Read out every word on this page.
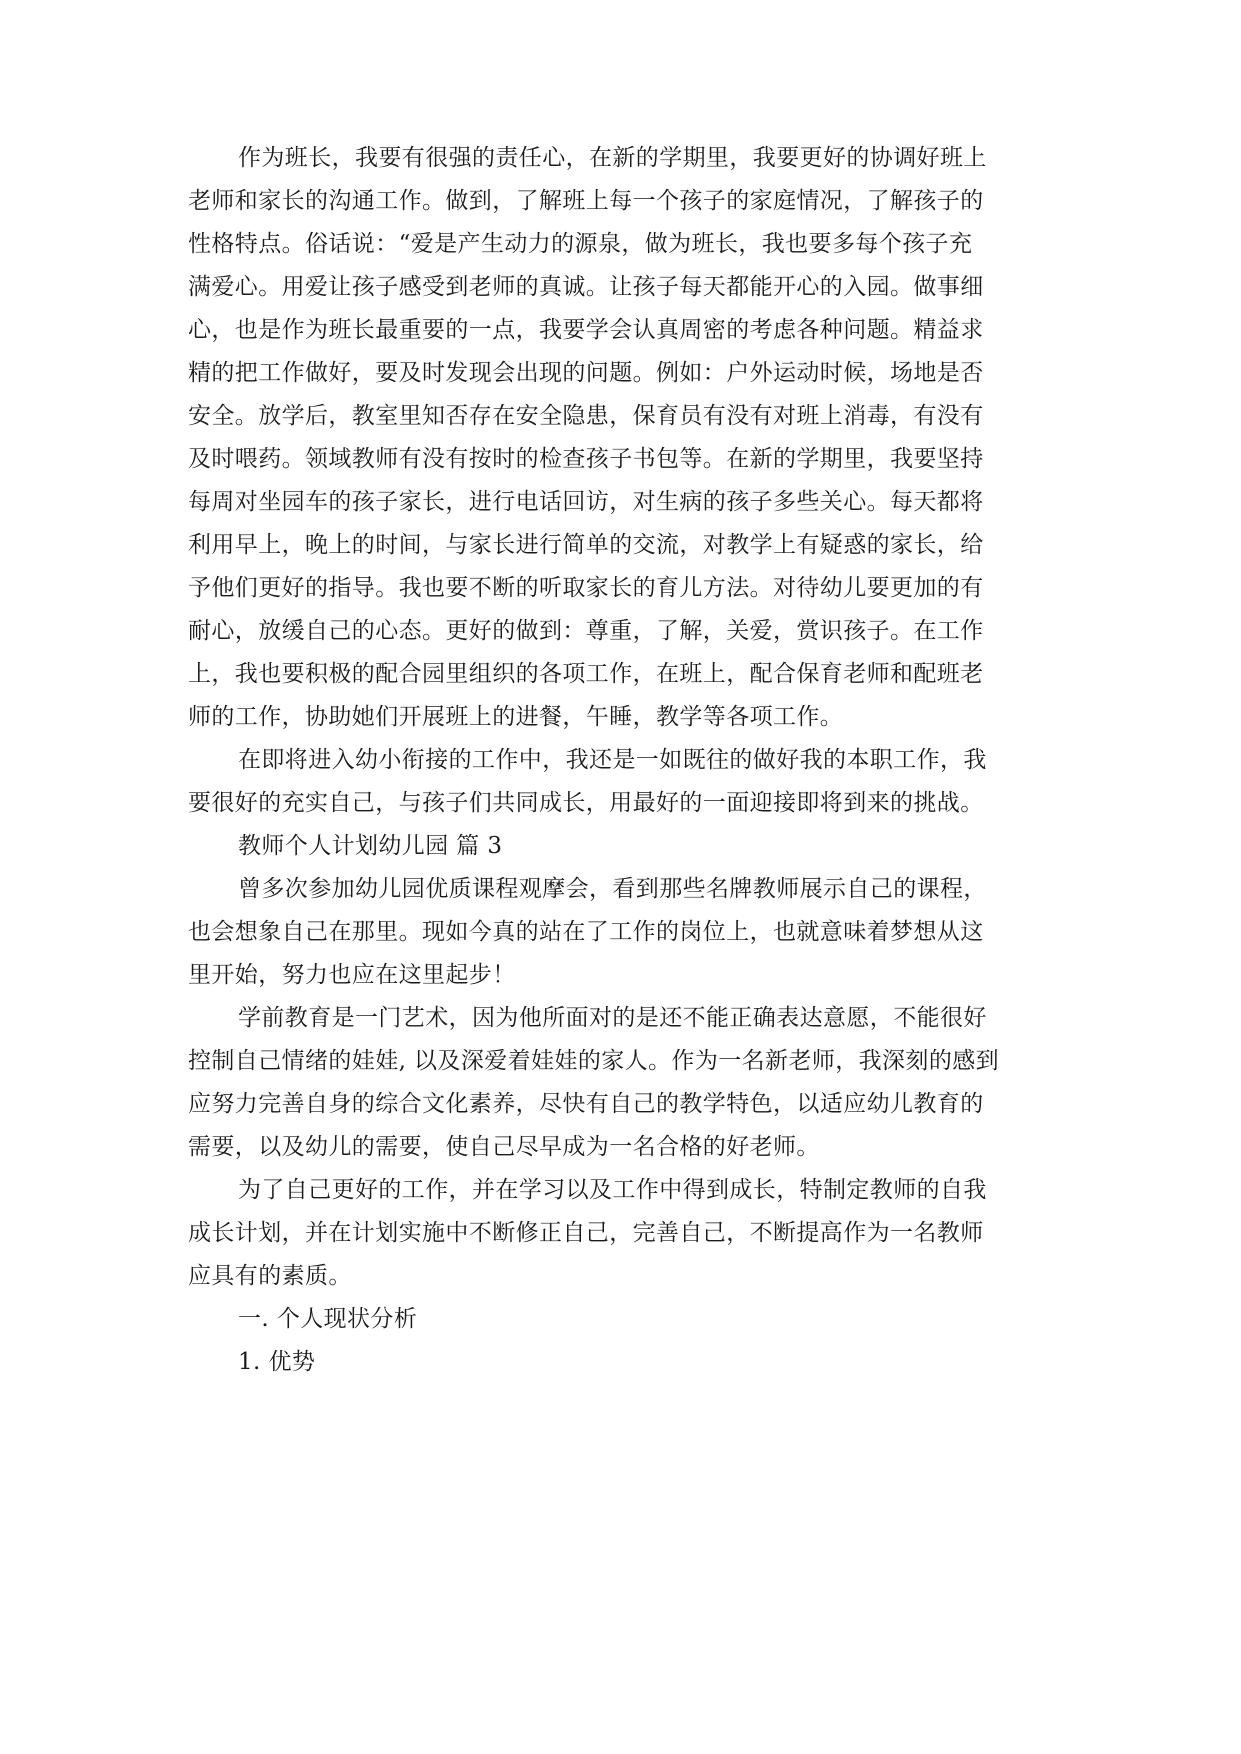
作为班长，我要有很强的责任心，在新的学期里，我要更好的协调好班上
老师和家长的沟通工作。做到，了解班上每一个孩子的家庭情况，了解孩子的
性格特点。俗话说：“爱是产生动力的源泉，做为班长，我也要多每个孩子充
满爱心。用爱让孩子感受到老师的真诚。让孩子每天都能开心的入园。做事细
心，也是作为班长最重要的一点，我要学会认真周密的考虑各种问题。精益求
精的把工作做好，要及时发现会出现的问题。例如：户外运动时候，场地是否
安全。放学后，教室里知否存在安全隐患，保育员有没有对班上消毒，有没有
及时喂药。领域教师有没有按时的检查孩子书包等。在新的学期里，我要坚持
每周对坐园车的孩子家长，进行电话回访，对生病的孩子多些关心。每天都将
利用早上，晚上的时间，与家长进行简单的交流，对教学上有疑惑的家长，给
予他们更好的指导。我也要不断的听取家长的育儿方法。对待幼儿要更加的有
耐心，放缓自己的心态。更好的做到：尊重，了解，关爱，赏识孩子。在工作
上，我也要积极的配合园里组织的各项工作，在班上，配合保育老师和配班老
师的工作，协助她们开展班上的进餐，午睡，教学等各项工作。
在即将进入幼小衔接的工作中，我还是一如既往的做好我的本职工作，我
要很好的充实自己，与孩子们共同成长，用最好的一面迎接即将到来的挑战。
教师个人计划幼儿园 篇 3
曾多次参加幼儿园优质课程观摩会，看到那些名牌教师展示自己的课程，
也会想象自己在那里。现如今真的站在了工作的岗位上，也就意味着梦想从这
里开始，努力也应在这里起步！
学前教育是一门艺术，因为他所面对的是还不能正确表达意愿，不能很好
控制自己情绪的娃娃, 以及深爱着娃娃的家人。作为一名新老师，我深刻的感到
应努力完善自身的综合文化素养，尽快有自己的教学特色，以适应幼儿教育的
需要，以及幼儿的需要，使自己尽早成为一名合格的好老师。
为了自己更好的工作，并在学习以及工作中得到成长，特制定教师的自我
成长计划，并在计划实施中不断修正自己，完善自己，不断提高作为一名教师
应具有的素质。
一. 个人现状分析
1. 优势
